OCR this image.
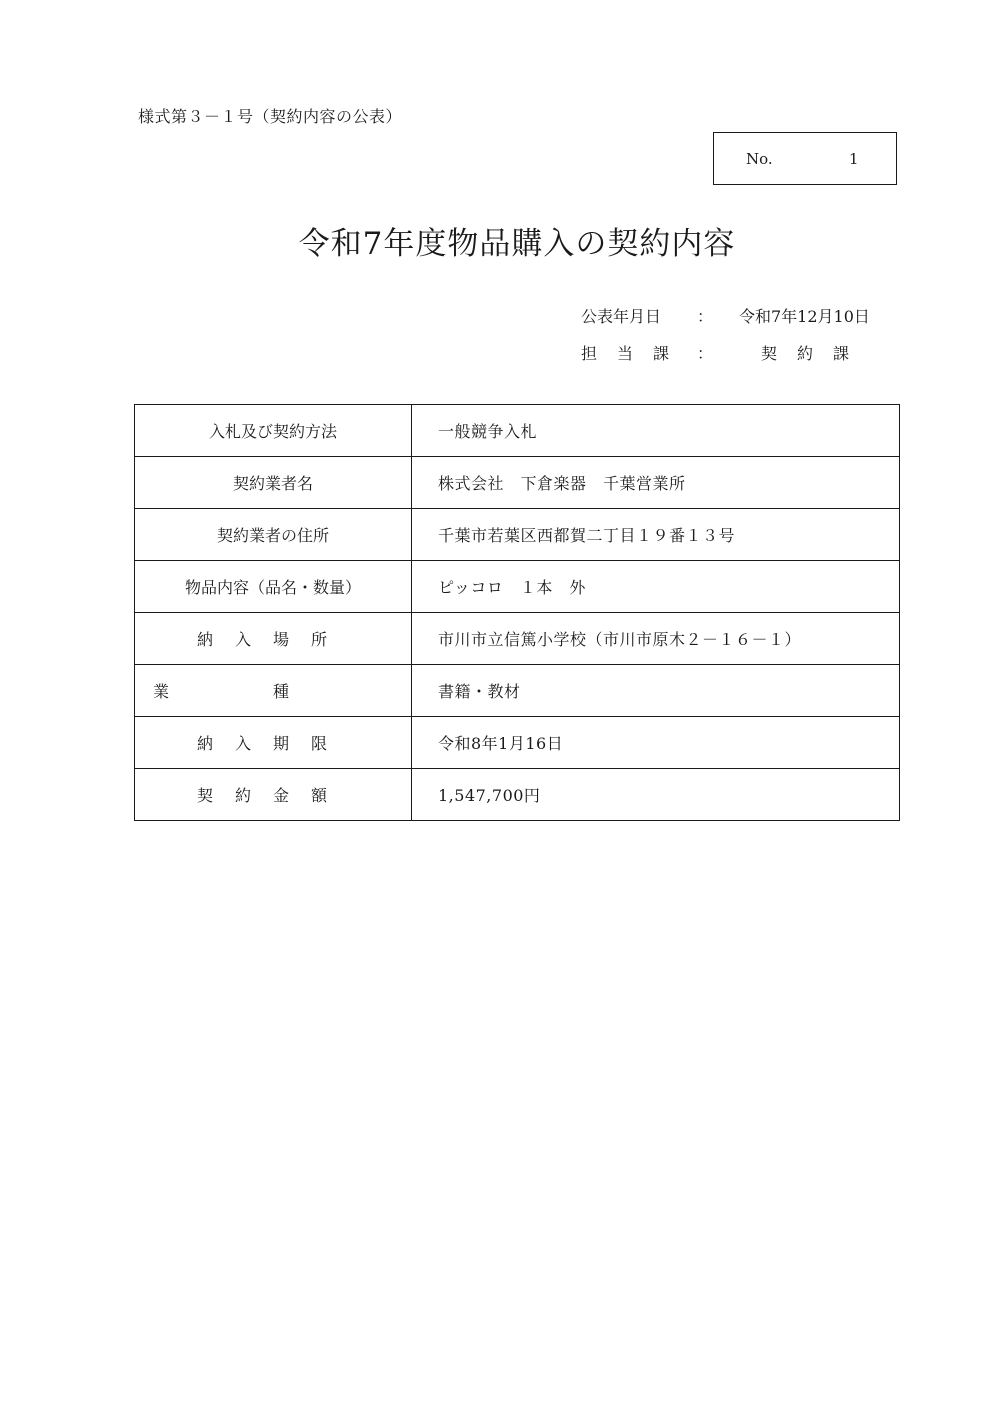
様式第３－１号（契約内容の公表）
No.	1
令和7年度物品購入の契約内容
公表年月日 ： 令和7年12月10日
担当課 ：	契約課
入札及び契約方法	一般競争入札
契約業者名	株式会社　下倉楽器　千葉営業所
契約業者の住所	千葉市若葉区西都賀二丁目１９番１３号
物品内容（品名・数量）	ピッコロ　１本　外
納入場所	市川市立信篤小学校（市川市原木２－１６－１）
業種	書籍・教材
納入期限	令和8年1月16日
契約金額	1,547,700円
